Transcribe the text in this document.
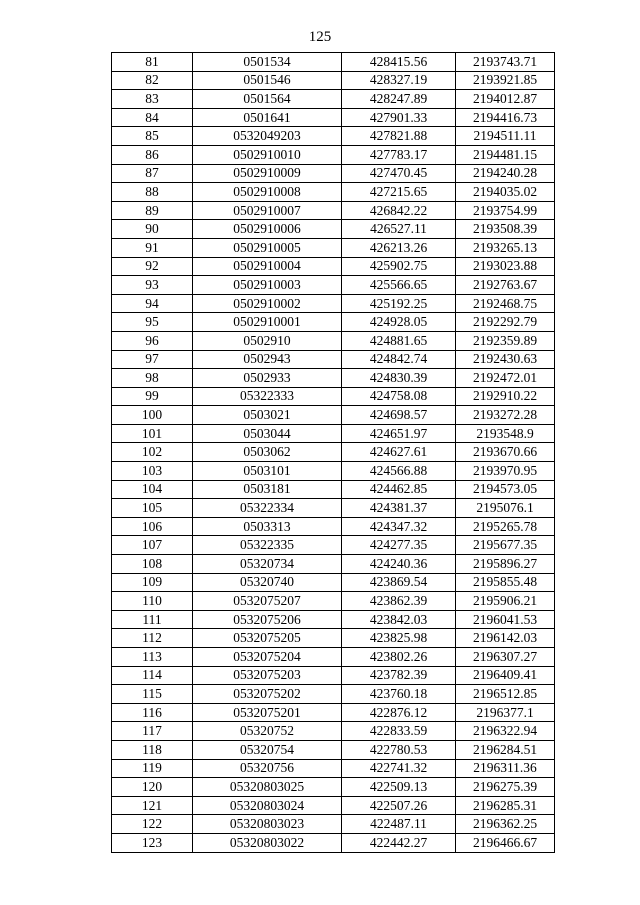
125
81	0501534	428415.56	2193743.71
82	0501546	428327.19	2193921.85
83	0501564	428247.89	2194012.87
84	0501641	427901.33	2194416.73
85	0532049203	427821.88	2194511.11
86	0502910010	427783.17	2194481.15
87	0502910009	427470.45	2194240.28
88	0502910008	427215.65	2194035.02
89	0502910007	426842.22	2193754.99
90	0502910006	426527.11	2193508.39
91	0502910005	426213.26	2193265.13
92	0502910004	425902.75	2193023.88
93	0502910003	425566.65	2192763.67
94	0502910002	425192.25	2192468.75
95	0502910001	424928.05	2192292.79
96	0502910	424881.65	2192359.89
97	0502943	424842.74	2192430.63
98	0502933	424830.39	2192472.01
99	05322333	424758.08	2192910.22
100	0503021	424698.57	2193272.28
101	0503044	424651.97	2193548.9
102	0503062	424627.61	2193670.66
103	0503101	424566.88	2193970.95
104	0503181	424462.85	2194573.05
105	05322334	424381.37	2195076.1
106	0503313	424347.32	2195265.78
107	05322335	424277.35	2195677.35
108	05320734	424240.36	2195896.27
109	05320740	423869.54	2195855.48
110	0532075207	423862.39	2195906.21
111	0532075206	423842.03	2196041.53
112	0532075205	423825.98	2196142.03
113	0532075204	423802.26	2196307.27
114	0532075203	423782.39	2196409.41
115	0532075202	423760.18	2196512.85
116	0532075201	422876.12	2196377.1
117	05320752	422833.59	2196322.94
118	05320754	422780.53	2196284.51
119	05320756	422741.32	2196311.36
120	05320803025	422509.13	2196275.39
121	05320803024	422507.26	2196285.31
122	05320803023	422487.11	2196362.25
123	05320803022	422442.27	2196466.67
